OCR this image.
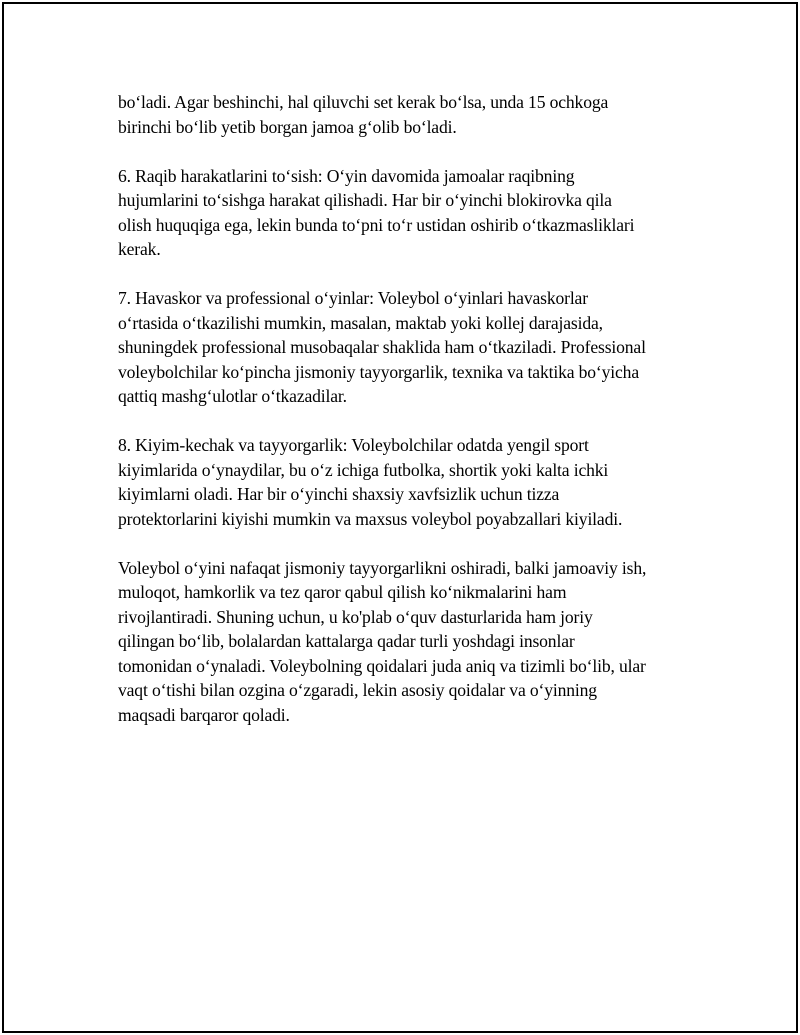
bo‘ladi. Agar beshinchi, hal qiluvchi set kerak bo‘lsa, unda 15 ochkoga
birinchi bo‘lib yetib borgan jamoa g‘olib bo‘ladi.

6. Raqib harakatlarini to‘sish: O‘yin davomida jamoalar raqibning
hujumlarini to‘sishga harakat qilishadi. Har bir o‘yinchi blokirovka qila
olish huquqiga ega, lekin bunda to‘pni to‘r ustidan oshirib o‘tkazmasliklari
kerak.

7. Havaskor va professional o‘yinlar: Voleybol o‘yinlari havaskorlar
o‘rtasida o‘tkazilishi mumkin, masalan, maktab yoki kollej darajasida,
shuningdek professional musobaqalar shaklida ham o‘tkaziladi. Professional
voleybolchilar ko‘pincha jismoniy tayyorgarlik, texnika va taktika bo‘yicha
qattiq mashg‘ulotlar o‘tkazadilar.

8. Kiyim-kechak va tayyorgarlik: Voleybolchilar odatda yengil sport
kiyimlarida o‘ynaydilar, bu o‘z ichiga futbolka, shortik yoki kalta ichki
kiyimlarni oladi. Har bir o‘yinchi shaxsiy xavfsizlik uchun tizza
protektorlarini kiyishi mumkin va maxsus voleybol poyabzallari kiyiladi.

Voleybol o‘yini nafaqat jismoniy tayyorgarlikni oshiradi, balki jamoaviy ish,
muloqot, hamkorlik va tez qaror qabul qilish ko‘nikmalarini ham
rivojlantiradi. Shuning uchun, u ko'plab o‘quv dasturlarida ham joriy
qilingan bo‘lib, bolalardan kattalarga qadar turli yoshdagi insonlar
tomonidan o‘ynaladi. Voleybolning qoidalari juda aniq va tizimli bo‘lib, ular
vaqt o‘tishi bilan ozgina o‘zgaradi, lekin asosiy qoidalar va o‘yinning
maqsadi barqaror qoladi.
